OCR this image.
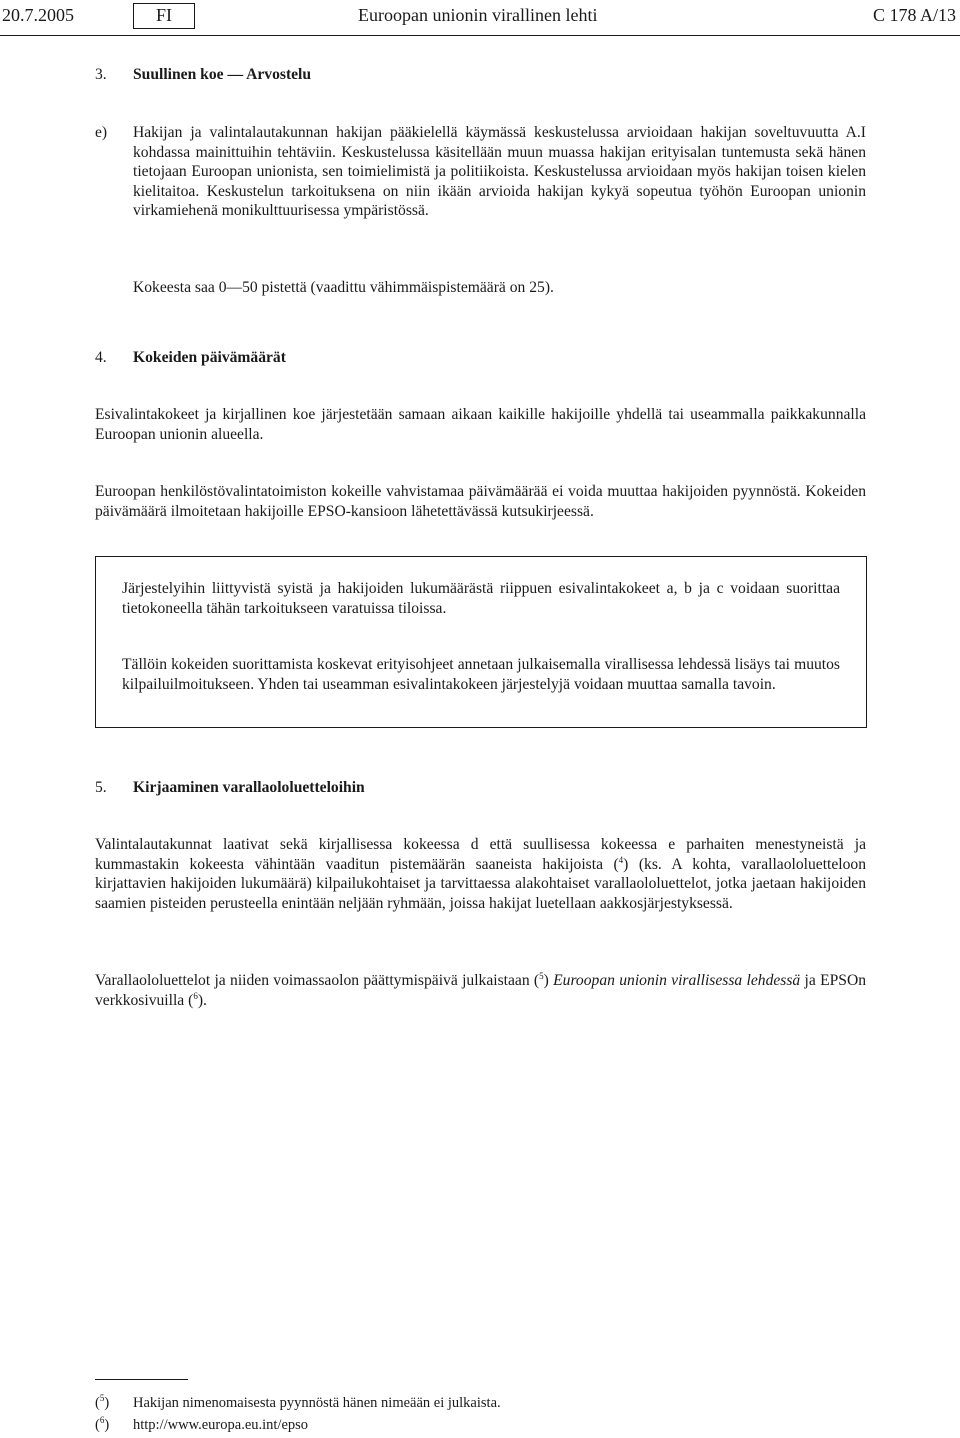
20.7.2005	FI	Euroopan unionin virallinen lehti	C 178 A/13
3. Suullinen koe — Arvostelu
e) Hakijan ja valintalautakunnan hakijan pääkielellä käymässä keskustelussa arvioidaan hakijan soveltuvuutta A.I kohdassa mainittuihin tehtäviin. Keskustelussa käsitellään muun muassa hakijan erityisalan tuntemusta sekä hänen tietojaan Euroopan unionista, sen toimielimistä ja politiikoista. Keskustelussa arvioidaan myös hakijan toisen kielen kielitaitoa. Keskustelun tarkoituksena on niin ikään arvioida hakijan kykyä sopeutua työhön Euroopan unionin virkamiehenä monikulttuurisessa ympäristössä.

Kokeesta saa 0—50 pistettä (vaadittu vähimmäispistemäärä on 25).

4. Kokeiden päivämäärät

Esivalintakokeet ja kirjallinen koe järjestetään samaan aikaan kaikille hakijoille yhdellä tai useammalla paikkakunnalla Euroopan unionin alueella.

Euroopan henkilöstövalintatoimiston kokeille vahvistamaa päivämäärää ei voida muuttaa hakijoiden pyynnöstä. Kokeiden päivämäärä ilmoitetaan hakijoille EPSO-kansioon lähetettävässä kutsukirjeessä.

Järjestelyihin liittyvistä syistä ja hakijoiden lukumäärästä riippuen esivalintakokeet a, b ja c voidaan suorittaa tietokoneella tähän tarkoitukseen varatuissa tiloissa.

Tällöin kokeiden suorittamista koskevat erityisohjeet annetaan julkaisemalla virallisessa lehdessä lisäys tai muutos kilpailuilmoitukseen. Yhden tai useamman esivalintakokeen järjestelyjä voidaan muuttaa samalla tavoin.

5. Kirjaaminen varallaololuetteloihin

Valintalautakunnat laativat sekä kirjallisessa kokeessa d että suullisessa kokeessa e parhaiten menestyneistä ja kummastakin kokeesta vähintään vaaditun pistemäärän saaneista hakijoista ($^4$) (ks. A kohta, varallaololuetteloon kirjattavien hakijoiden lukumäärä) kilpailukohtaiset ja tarvittaessa alakohtaiset varallaololuettelot, jotka jaetaan hakijoiden saamien pisteiden perusteella enintään neljään ryhmään, joissa hakijat luetellaan aakkosjärjestyksessä.

Varallaololuettelot ja niiden voimassaolon päättymispäivä julkaistaan ($^5$) Euroopan unionin virallisessa lehdessä ja EPSOn verkkosivuilla ($^6$).

($^5$) Hakijan nimenomaisesta pyynnöstä hänen nimeään ei julkaista.
($^6$) http://www.europa.eu.int/epso
